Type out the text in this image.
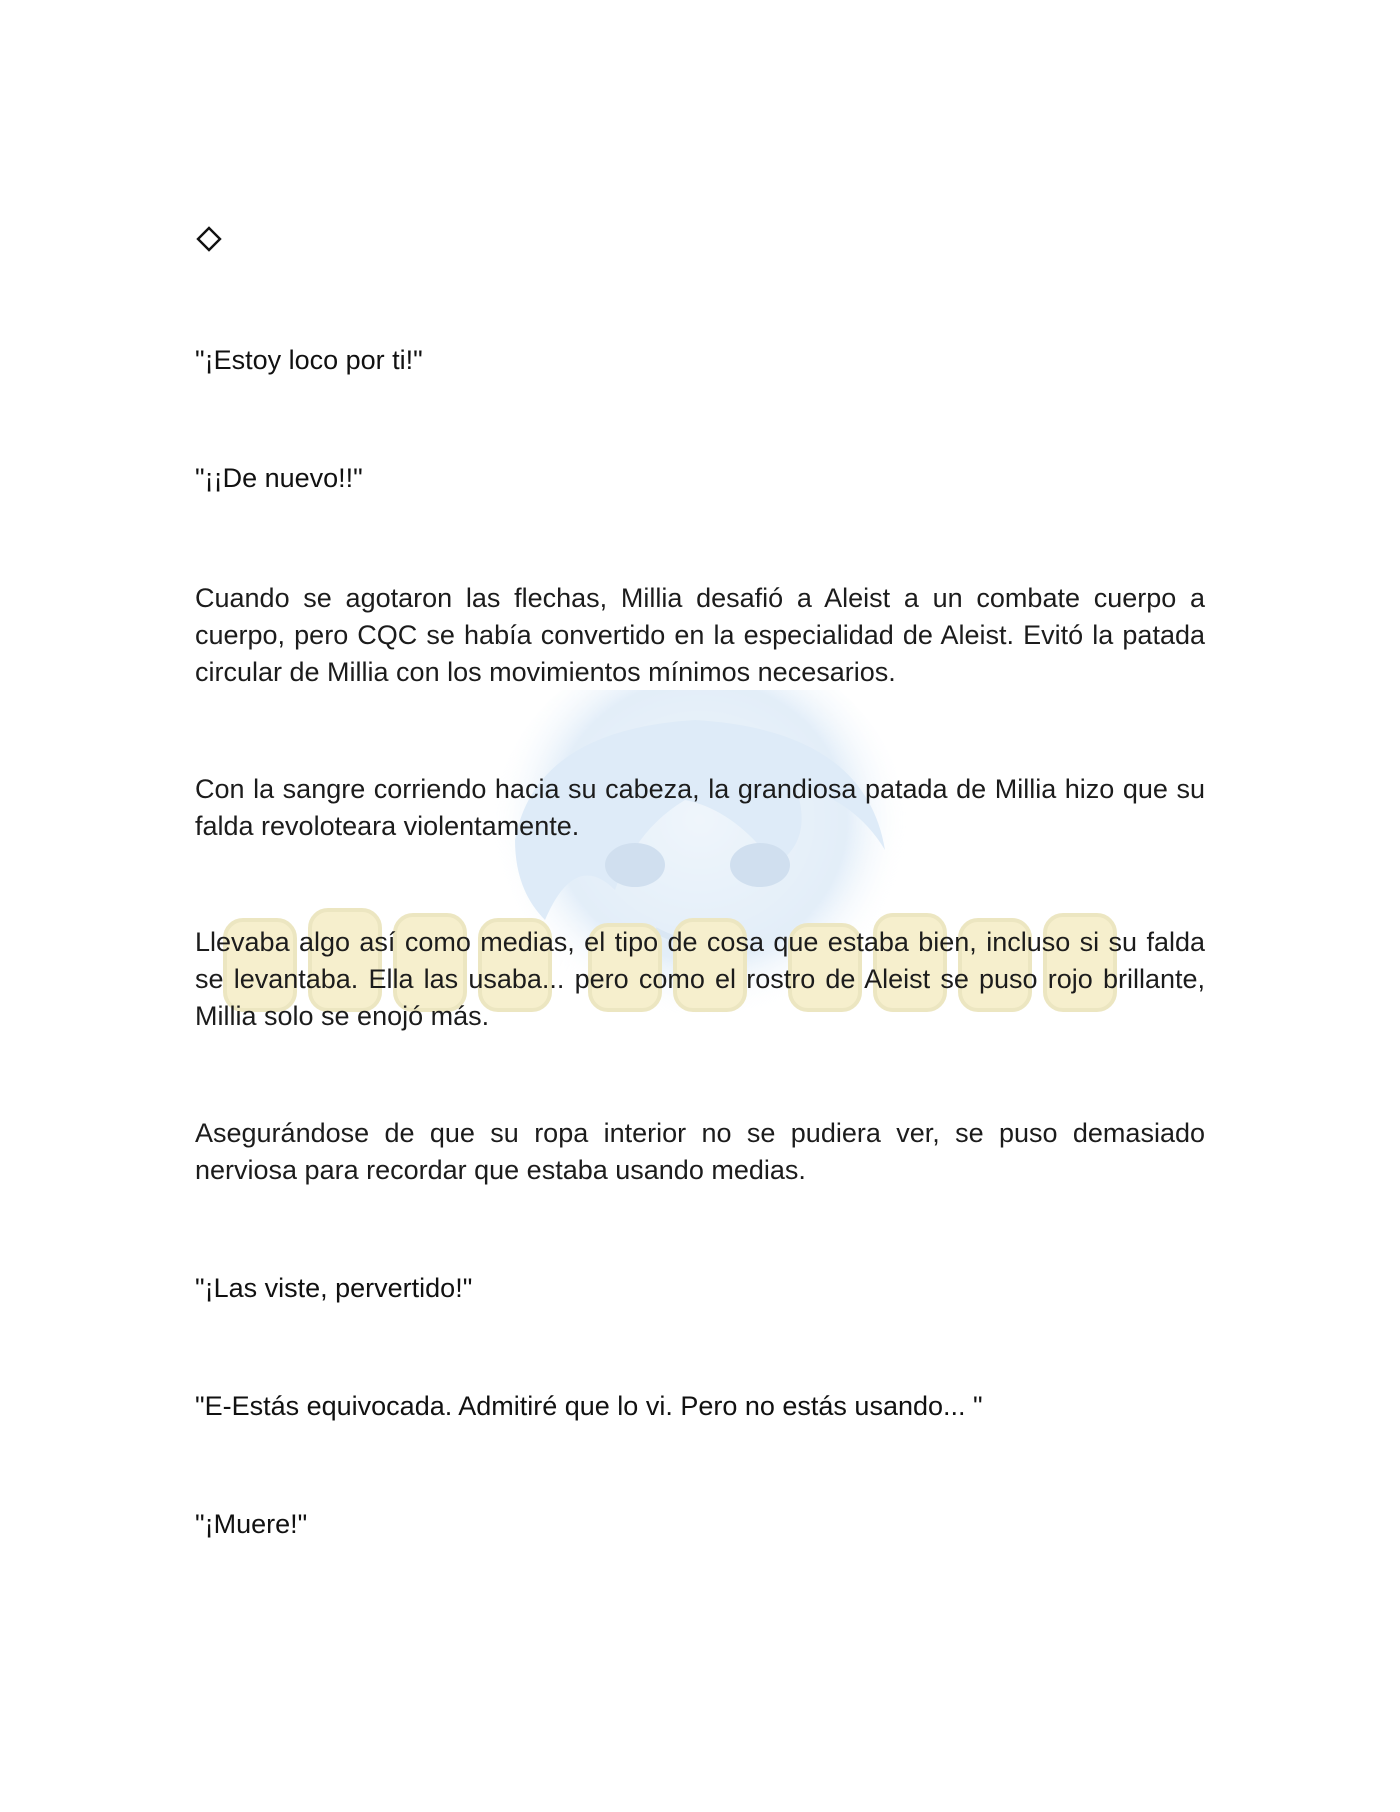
"¡Estoy loco por ti!"

"¡¡De nuevo!!"

Cuando se agotaron las flechas, Millia desafió a Aleist a un combate cuerpo a cuerpo, pero CQC se había convertido en la especialidad de Aleist. Evitó la patada circular de Millia con los movimientos mínimos necesarios.

Con la sangre corriendo hacia su cabeza, la grandiosa patada de Millia hizo que su falda revoloteara violentamente.

Llevaba algo así como medias, el tipo de cosa que estaba bien, incluso si su falda se levantaba. Ella las usaba... pero como el rostro de Aleist se puso rojo brillante, Millia solo se enojó más.

Asegurándose de que su ropa interior no se pudiera ver, se puso demasiado nerviosa para recordar que estaba usando medias.

"¡Las viste, pervertido!"

"E-Estás equivocada. Admitiré que lo vi. Pero no estás usando... "

"¡Muere!"
